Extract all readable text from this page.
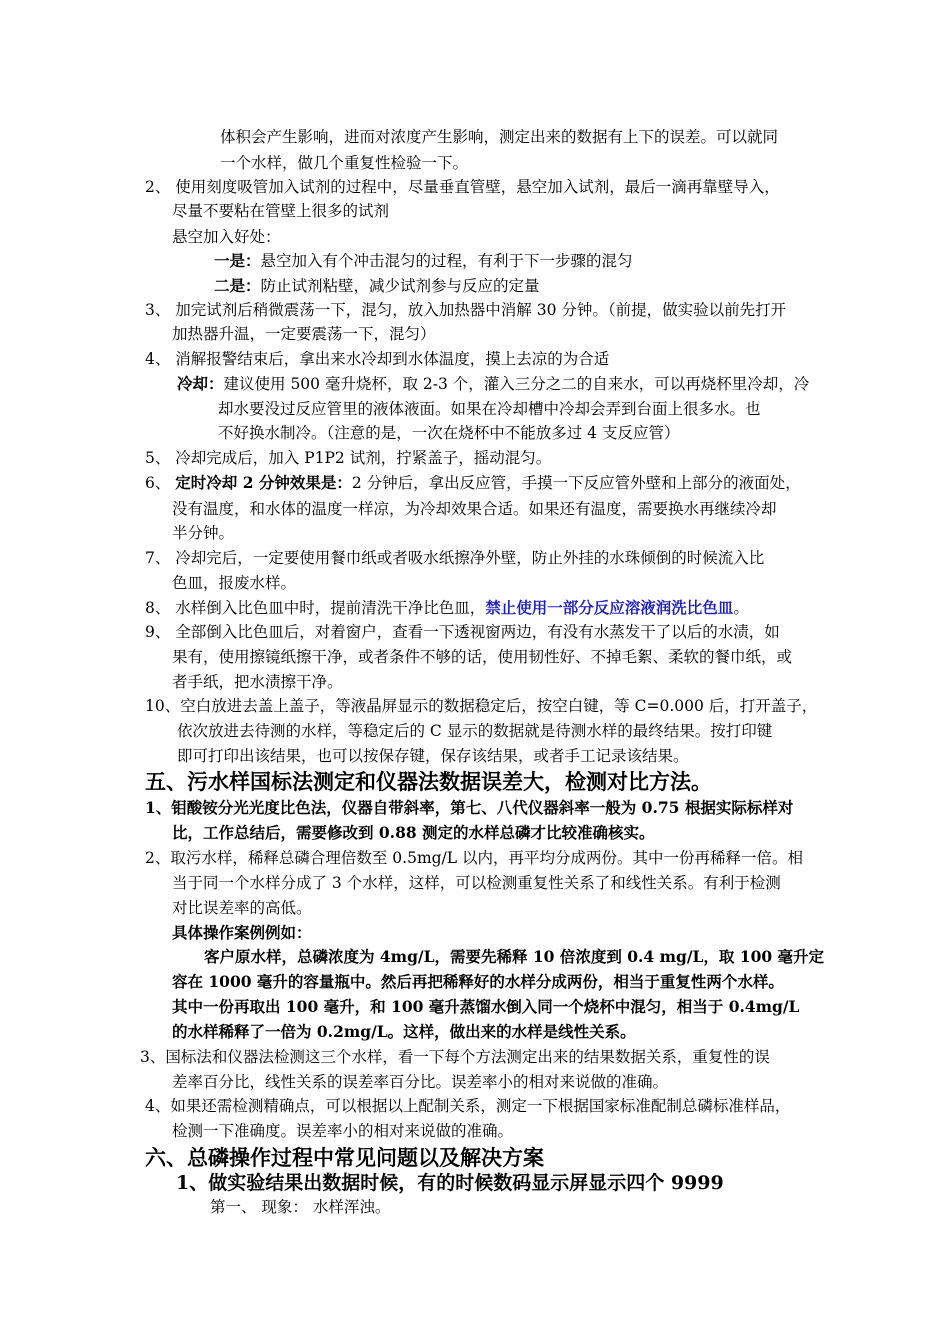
体积会产生影响，进而对浓度产生影响，测定出来的数据有上下的误差。可以就同
一个水样，做几个重复性检验一下。
2、 使用刻度吸管加入试剂的过程中，尽量垂直管壁，悬空加入试剂，最后一滴再靠壁导入，
尽量不要粘在管壁上很多的试剂
悬空加入好处：
一是：悬空加入有个冲击混匀的过程，有利于下一步骤的混匀
二是：防止试剂粘壁，减少试剂参与反应的定量
3、 加完试剂后稍微震荡一下，混匀，放入加热器中消解 30 分钟。（前提，做实验以前先打开
加热器升温，一定要震荡一下，混匀）
4、 消解报警结束后，拿出来水冷却到水体温度，摸上去凉的为合适
冷却：建议使用 500 毫升烧杯，取 2-3 个，灌入三分之二的自来水，可以再烧杯里冷却，冷
却水要没过反应管里的液体液面。如果在冷却槽中冷却会弄到台面上很多水。也
不好换水制冷。（注意的是，一次在烧杯中不能放多过 4 支反应管）
5、 冷却完成后，加入 P1P2 试剂，拧紧盖子，摇动混匀。
6、 定时冷却 2 分钟效果是：2 分钟后，拿出反应管，手摸一下反应管外壁和上部分的液面处，
没有温度，和水体的温度一样凉，为冷却效果合适。如果还有温度，需要换水再继续冷却
半分钟。
7、 冷却完后，一定要使用餐巾纸或者吸水纸擦净外壁，防止外挂的水珠倾倒的时候流入比
色皿，报废水样。
8、 水样倒入比色皿中时，提前清洗干净比色皿，禁止使用一部分反应溶液润洗比色皿。
9、 全部倒入比色皿后，对着窗户，查看一下透视窗两边，有没有水蒸发干了以后的水渍，如
果有，使用擦镜纸擦干净，或者条件不够的话，使用韧性好、不掉毛絮、柔软的餐巾纸，或
者手纸，把水渍擦干净。
10、空白放进去盖上盖子，等液晶屏显示的数据稳定后，按空白键，等 C=0.000 后，打开盖子，
依次放进去待测的水样，等稳定后的 C 显示的数据就是待测水样的最终结果。按打印键
即可打印出该结果，也可以按保存键，保存该结果，或者手工记录该结果。
五、污水样国标法测定和仪器法数据误差大，检测对比方法。
1、钼酸铵分光光度比色法，仪器自带斜率，第七、八代仪器斜率一般为 0.75 根据实际标样对
比，工作总结后，需要修改到 0.88 测定的水样总磷才比较准确核实。
2、取污水样，稀释总磷合理倍数至 0.5mg/L 以内，再平均分成两份。其中一份再稀释一倍。相
当于同一个水样分成了 3 个水样，这样，可以检测重复性关系了和线性关系。有利于检测
对比误差率的高低。
具体操作案例例如：
客户原水样，总磷浓度为 4mg/L，需要先稀释 10 倍浓度到 0.4 mg/L，取 100 毫升定
容在 1000 毫升的容量瓶中。然后再把稀释好的水样分成两份，相当于重复性两个水样。
其中一份再取出 100 毫升，和 100 毫升蒸馏水倒入同一个烧杯中混匀，相当于 0.4mg/L
的水样稀释了一倍为 0.2mg/L。这样，做出来的水样是线性关系。
3、国标法和仪器法检测这三个水样，看一下每个方法测定出来的结果数据关系，重复性的误
差率百分比，线性关系的误差率百分比。误差率小的相对来说做的准确。
4、如果还需检测精确点，可以根据以上配制关系，测定一下根据国家标准配制总磷标准样品，
检测一下准确度。误差率小的相对来说做的准确。
六、总磷操作过程中常见问题以及解决方案
1、做实验结果出数据时候，有的时候数码显示屏显示四个 9999
第一、 现象： 水样浑浊。
